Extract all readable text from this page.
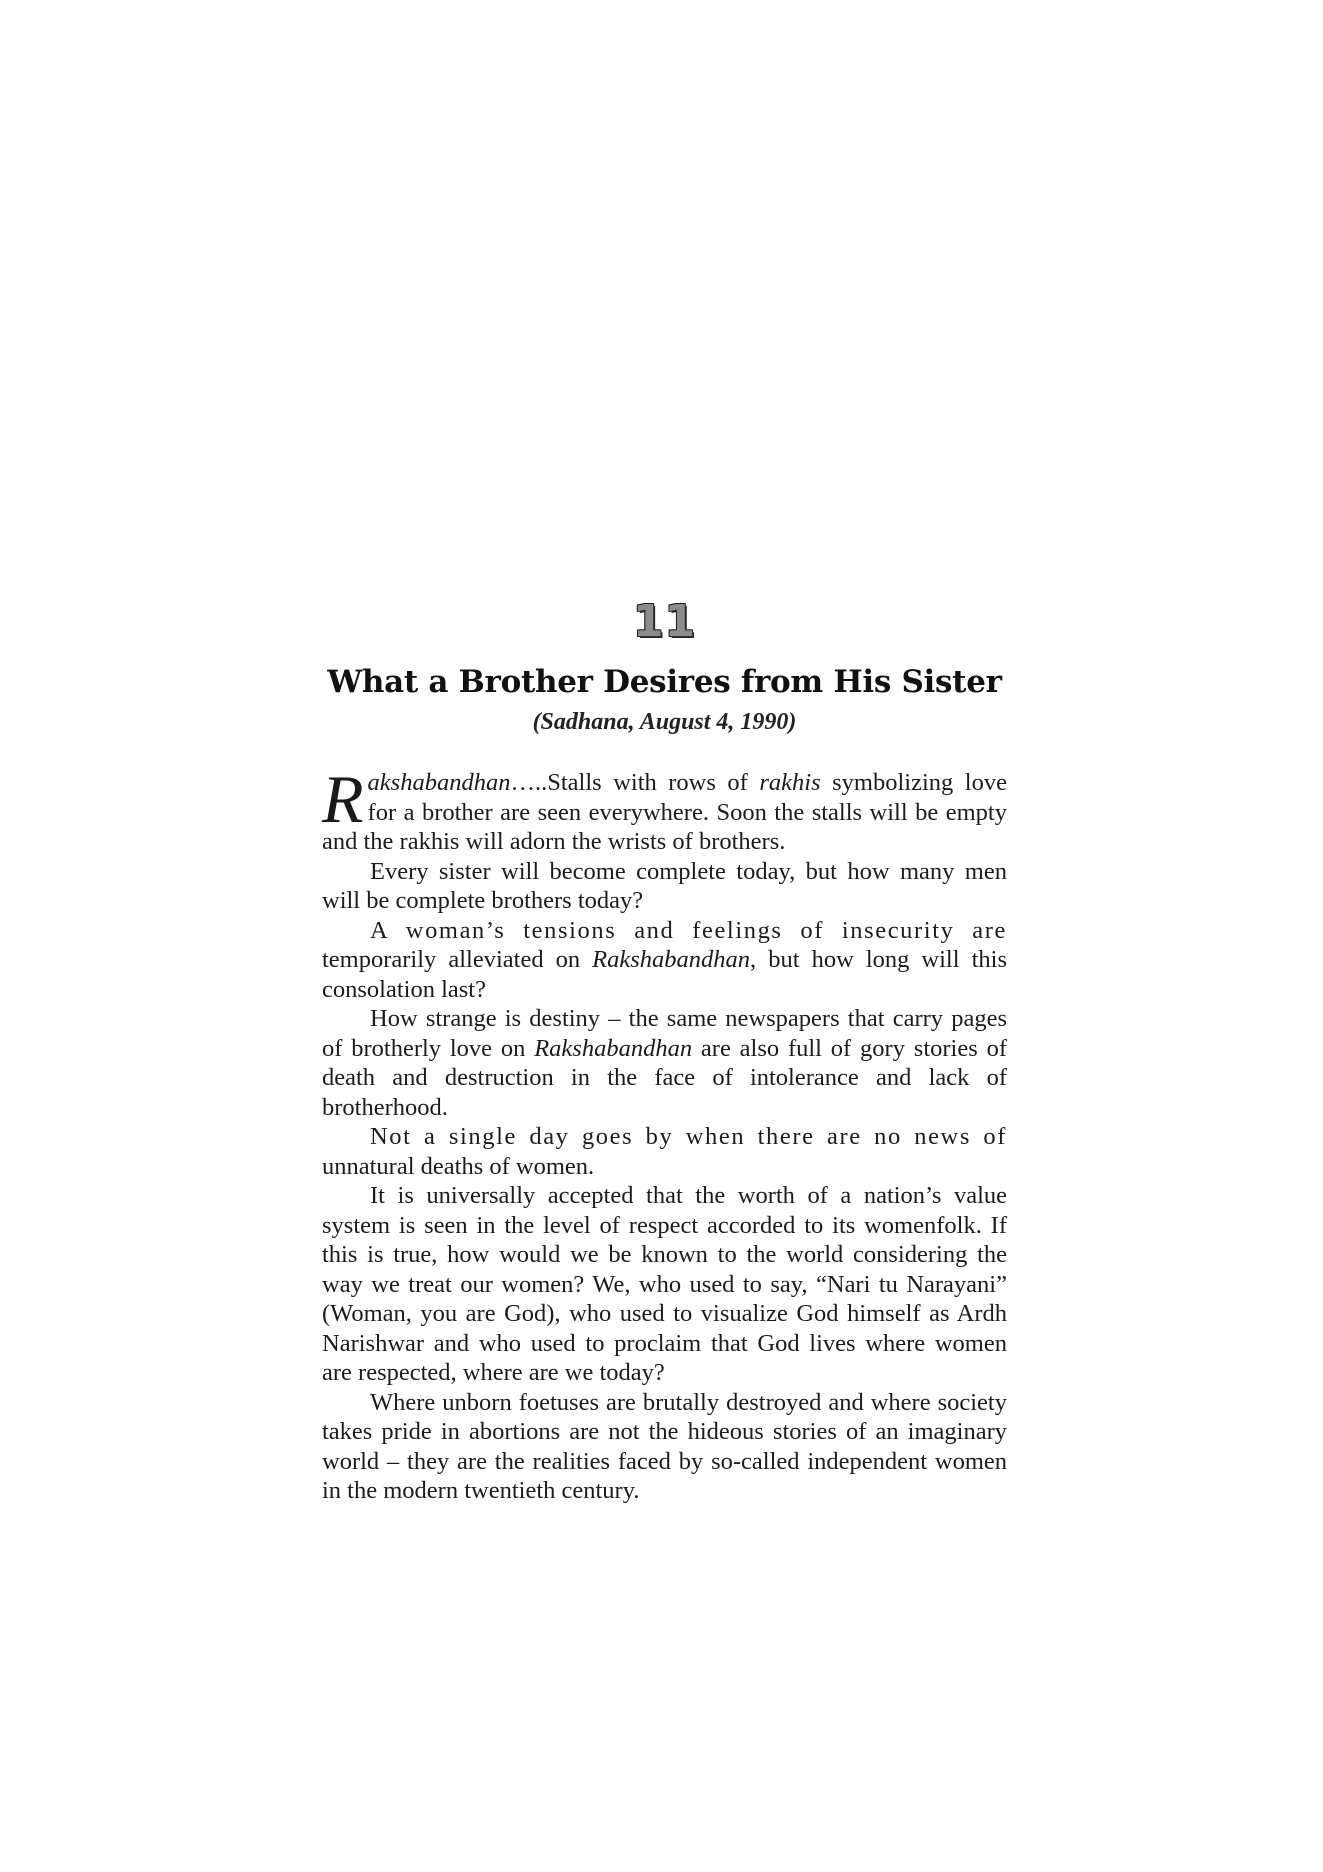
11
What a Brother Desires from His Sister
(Sadhana, August 4, 1990)

Rakshabandhan…..Stalls with rows of rakhis symbolizing love for a brother are seen everywhere. Soon the stalls will be empty and the rakhis will adorn the wrists of brothers.

Every sister will become complete today, but how many men will be complete brothers today?

A woman’s tensions and feelings of insecurity are temporarily alleviated on Rakshabandhan, but how long will this consolation last?

How strange is destiny – the same newspapers that carry pages of brotherly love on Rakshabandhan are also full of gory stories of death and destruction in the face of intolerance and lack of brotherhood.

Not a single day goes by when there are no news of unnatural deaths of women.

It is universally accepted that the worth of a nation’s value system is seen in the level of respect accorded to its womenfolk. If this is true, how would we be known to the world considering the way we treat our women? We, who used to say, “Nari tu Narayani” (Woman, you are God), who used to visualize God himself as Ardh Narishwar and who used to proclaim that God lives where women are respected, where are we today?

Where unborn foetuses are brutally destroyed and where society takes pride in abortions are not the hideous stories of an imaginary world – they are the realities faced by so-called independent women in the modern twentieth century.
